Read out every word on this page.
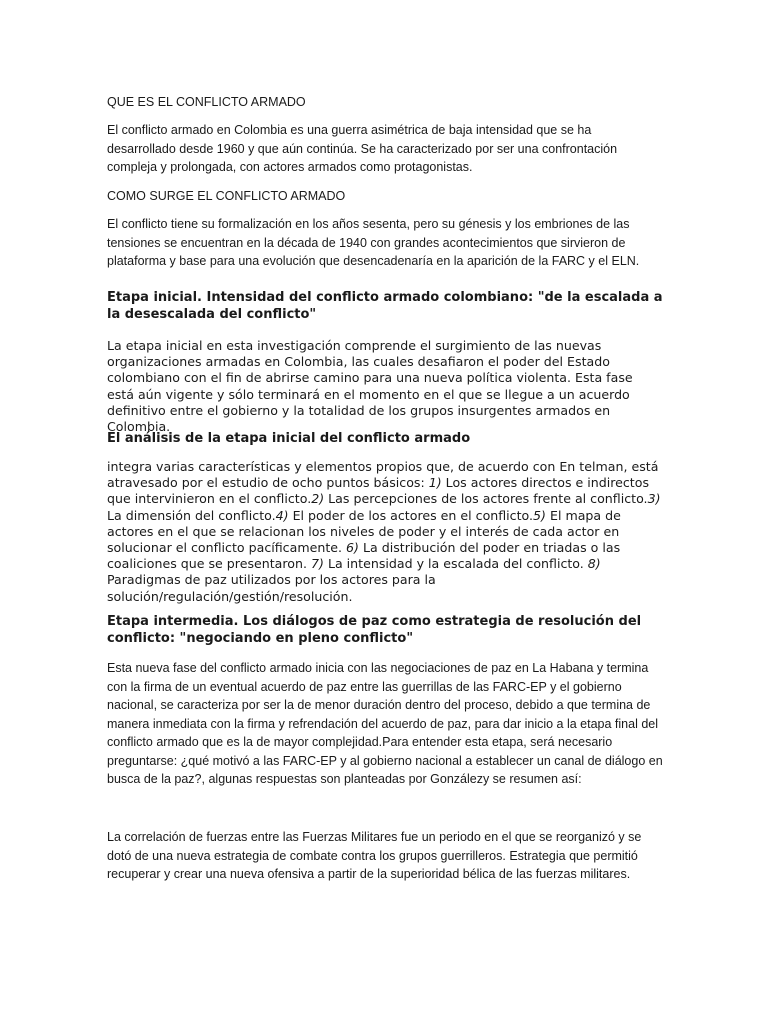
QUE ES EL CONFLICTO ARMADO
El conflicto armado en Colombia es una guerra asimétrica de baja intensidad que se ha desarrollado desde 1960 y que aún continúa. Se ha caracterizado por ser una confrontación compleja y prolongada, con actores armados como protagonistas.
COMO SURGE EL CONFLICTO ARMADO
El conflicto tiene su formalización en los años sesenta, pero su génesis y los embriones de las tensiones se encuentran en la década de 1940 con grandes acontecimientos que sirvieron de plataforma y base para una evolución que desencadenaría en la aparición de la FARC y el ELN.
Etapa inicial. Intensidad del conflicto armado colombiano: "de la escalada a la desescalada del conflicto"
La etapa inicial en esta investigación comprende el surgimiento de las nuevas organizaciones armadas en Colombia, las cuales desafiaron el poder del Estado colombiano con el fin de abrirse camino para una nueva política violenta. Esta fase está aún vigente y sólo terminará en el momento en el que se llegue a un acuerdo definitivo entre el gobierno y la totalidad de los grupos insurgentes armados en Colombia.
El análisis de la etapa inicial del conflicto armado
integra varias características y elementos propios que, de acuerdo con En telman, está atravesado por el estudio de ocho puntos básicos: 1) Los actores directos e indirectos que intervinieron en el conflicto.2) Las percepciones de los actores frente al conflicto.3) La dimensión del conflicto.4) El poder de los actores en el conflicto.5) El mapa de actores en el que se relacionan los niveles de poder y el interés de cada actor en solucionar el conflicto pacíficamente. 6) La distribución del poder en triadas o las coaliciones que se presentaron. 7) La intensidad y la escalada del conflicto. 8) Paradigmas de paz utilizados por los actores para la solución/regulación/gestión/resolución.
Etapa intermedia. Los diálogos de paz como estrategia de resolución del conflicto: "negociando en pleno conflicto"
Esta nueva fase del conflicto armado inicia con las negociaciones de paz en La Habana y termina con la firma de un eventual acuerdo de paz entre las guerrillas de las FARC-EP y el gobierno nacional, se caracteriza por ser la de menor duración dentro del proceso, debido a que termina de manera inmediata con la firma y refrendación del acuerdo de paz, para dar inicio a la etapa final del conflicto armado que es la de mayor complejidad.Para entender esta etapa, será necesario preguntarse: ¿qué motivó a las FARC-EP y al gobierno nacional a establecer un canal de diálogo en busca de la paz?, algunas respuestas son planteadas por Gonzálezy se resumen así:
La correlación de fuerzas entre las Fuerzas Militares fue un periodo en el que se reorganizó y se dotó de una nueva estrategia de combate contra los grupos guerrilleros. Estrategia que permitió recuperar y crear una nueva ofensiva a partir de la superioridad bélica de las fuerzas militares.
